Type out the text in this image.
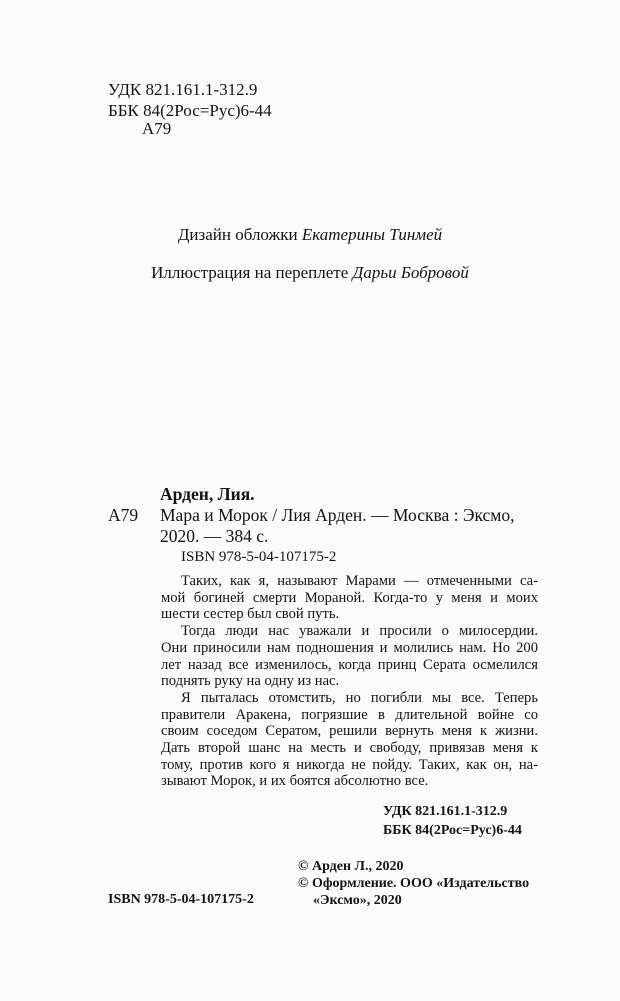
УДК 821.161.1-312.9
ББК 84(2Рос=Рус)6-44
А79
Дизайн обложки Екатерины Тинмей
Иллюстрация на переплете Дарьи Бобровой
Арден, Лия.
А79 Мара и Морок / Лия Арден. — Москва : Эксмо,
2020. — 384 с.
ISBN 978-5-04-107175-2

Таких, как я, называют Марами — отмеченными са-

мой богиней смерти Мораной. Когда-то у меня и моих

шести сестер был свой путь.

Тогда люди нас уважали и просили о милосердии.

Они приносили нам подношения и молились нам. Но 200

лет назад все изменилось, когда принц Серата осмелился

поднять руку на одну из нас.

Я пыталась отомстить, но погибли мы все. Теперь

правители Аракена, погрязшие в длительной войне со

своим соседом Сератом, решили вернуть меня к жизни.

Дать второй шанс на месть и свободу, привязав меня к

тому, против кого я никогда не пойду. Таких, как он, на-

зывают Морок, и их боятся абсолютно все.

УДК 821.161.1-312.9
ББК 84(2Рос=Рус)6-44
© Арден Л., 2020
© Оформление. ООО «Издательство
«Эксмо», 2020
ISBN 978-5-04-107175-2
